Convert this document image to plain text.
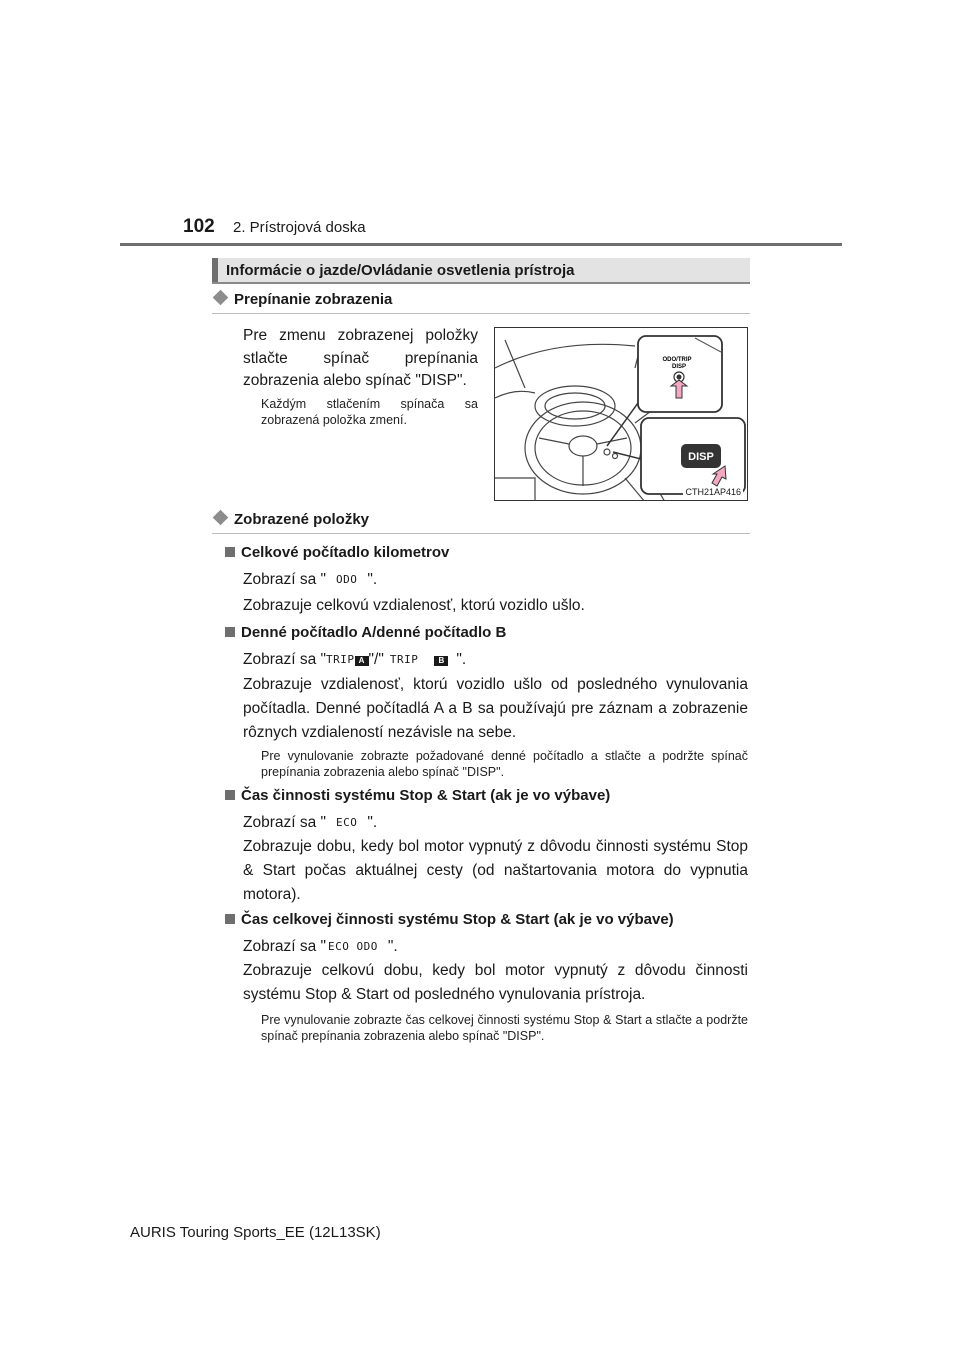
102 2. Prístrojová doska
Informácie o jazde/Ovládanie osvetlenia prístroja
Prepínanie zobrazenia
Pre zmenu zobrazenej položky stlačte spínač prepínania zobrazenia alebo spínač "DISP".
Každým stlačením spínača sa zobrazená položka zmení.
ODO/TRIP
DISP
DISP
CTH21AP416
Zobrazené položky
Celkové počítadlo kilometrov
Zobrazí sa " ODO ".
Zobrazuje celkovú vzdialenosť, ktorú vozidlo ušlo.
Denné počítadlo A/denné počítadlo B
Zobrazí sa "TRIP A "/" TRIP	B ".
Zobrazuje vzdialenosť, ktorú vozidlo ušlo od posledného vynulovania počítadla. Denné počítadlá A a B sa používajú pre záznam a zobrazenie rôznych vzdialeností nezávisle na sebe.
Pre vynulovanie zobrazte požadované denné počítadlo a stlačte a podržte spínač prepínania zobrazenia alebo spínač "DISP".
Čas činnosti systému Stop & Start (ak je vo výbave)
Zobrazí sa " ECO ".
Zobrazuje dobu, kedy bol motor vypnutý z dôvodu činnosti systému Stop & Start počas aktuálnej cesty (od naštartovania motora do vypnutia motora).
Čas celkovej činnosti systému Stop & Start (ak je vo výbave)
Zobrazí sa " ECO ODO ".
Zobrazuje celkovú dobu, kedy bol motor vypnutý z dôvodu činnosti systému Stop & Start od posledného vynulovania prístroja.
Pre vynulovanie zobrazte čas celkovej činnosti systému Stop & Start a stlačte a podržte spínač prepínania zobrazenia alebo spínač "DISP".
AURIS Touring Sports_EE (12L13SK)
